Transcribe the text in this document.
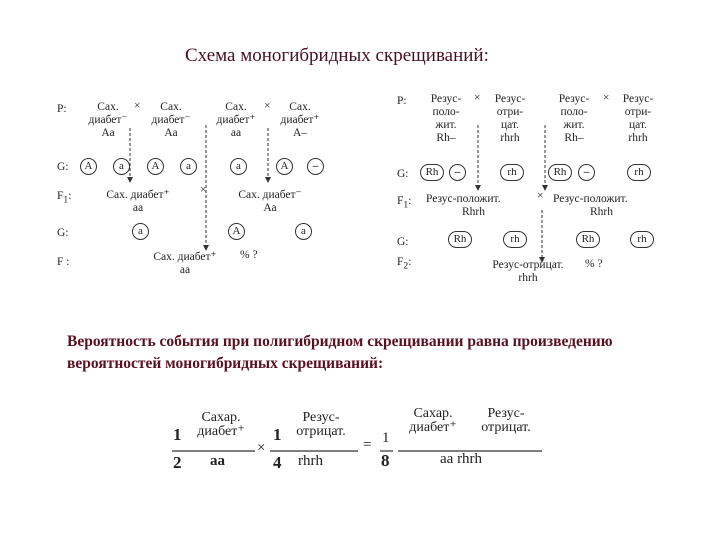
Схема моногибридных скрещиваний:
P:	Сах.
диабет⁻
Аа
×	Сах.
диабет⁻
Аа
Сах.
диабет⁺
аа
×	Сах.
диабет⁺
А–
G:	А	а	А	а	а	А	–
$F_1$:	Сах. диабет⁺
аа
×	Сах. диабет⁻
Аа
G:	а	А	а
F :	Сах. диабет⁺
аа
% ?
P:	Резус-
поло-
жит.
Rh–
×	Резус-
отри-
цат.
rhrh
Резус-
поло-
жит.
Rh–
×	Резус-
отри-
цат.
rhrh
G:	Rh	–	rh	Rh	–	rh
$F_1$: Резус-положит.
Rhrh
× Резус-положит.
Rhrh
G:	Rh	rh	Rh	rh
$F_2$:	Резус-отрицат.
rhrh
% ?
Вероятность события при полигибридном скрещивании равна произведению вероятностей моногибридных скрещиваний:
Сахар.
диабет⁺
1
2 аа
×
Резус-
отрицат.
1
4 rhrh
= 1
8
Сахар.
диабет⁺
Резус-
отрицат.
аа rhrh
